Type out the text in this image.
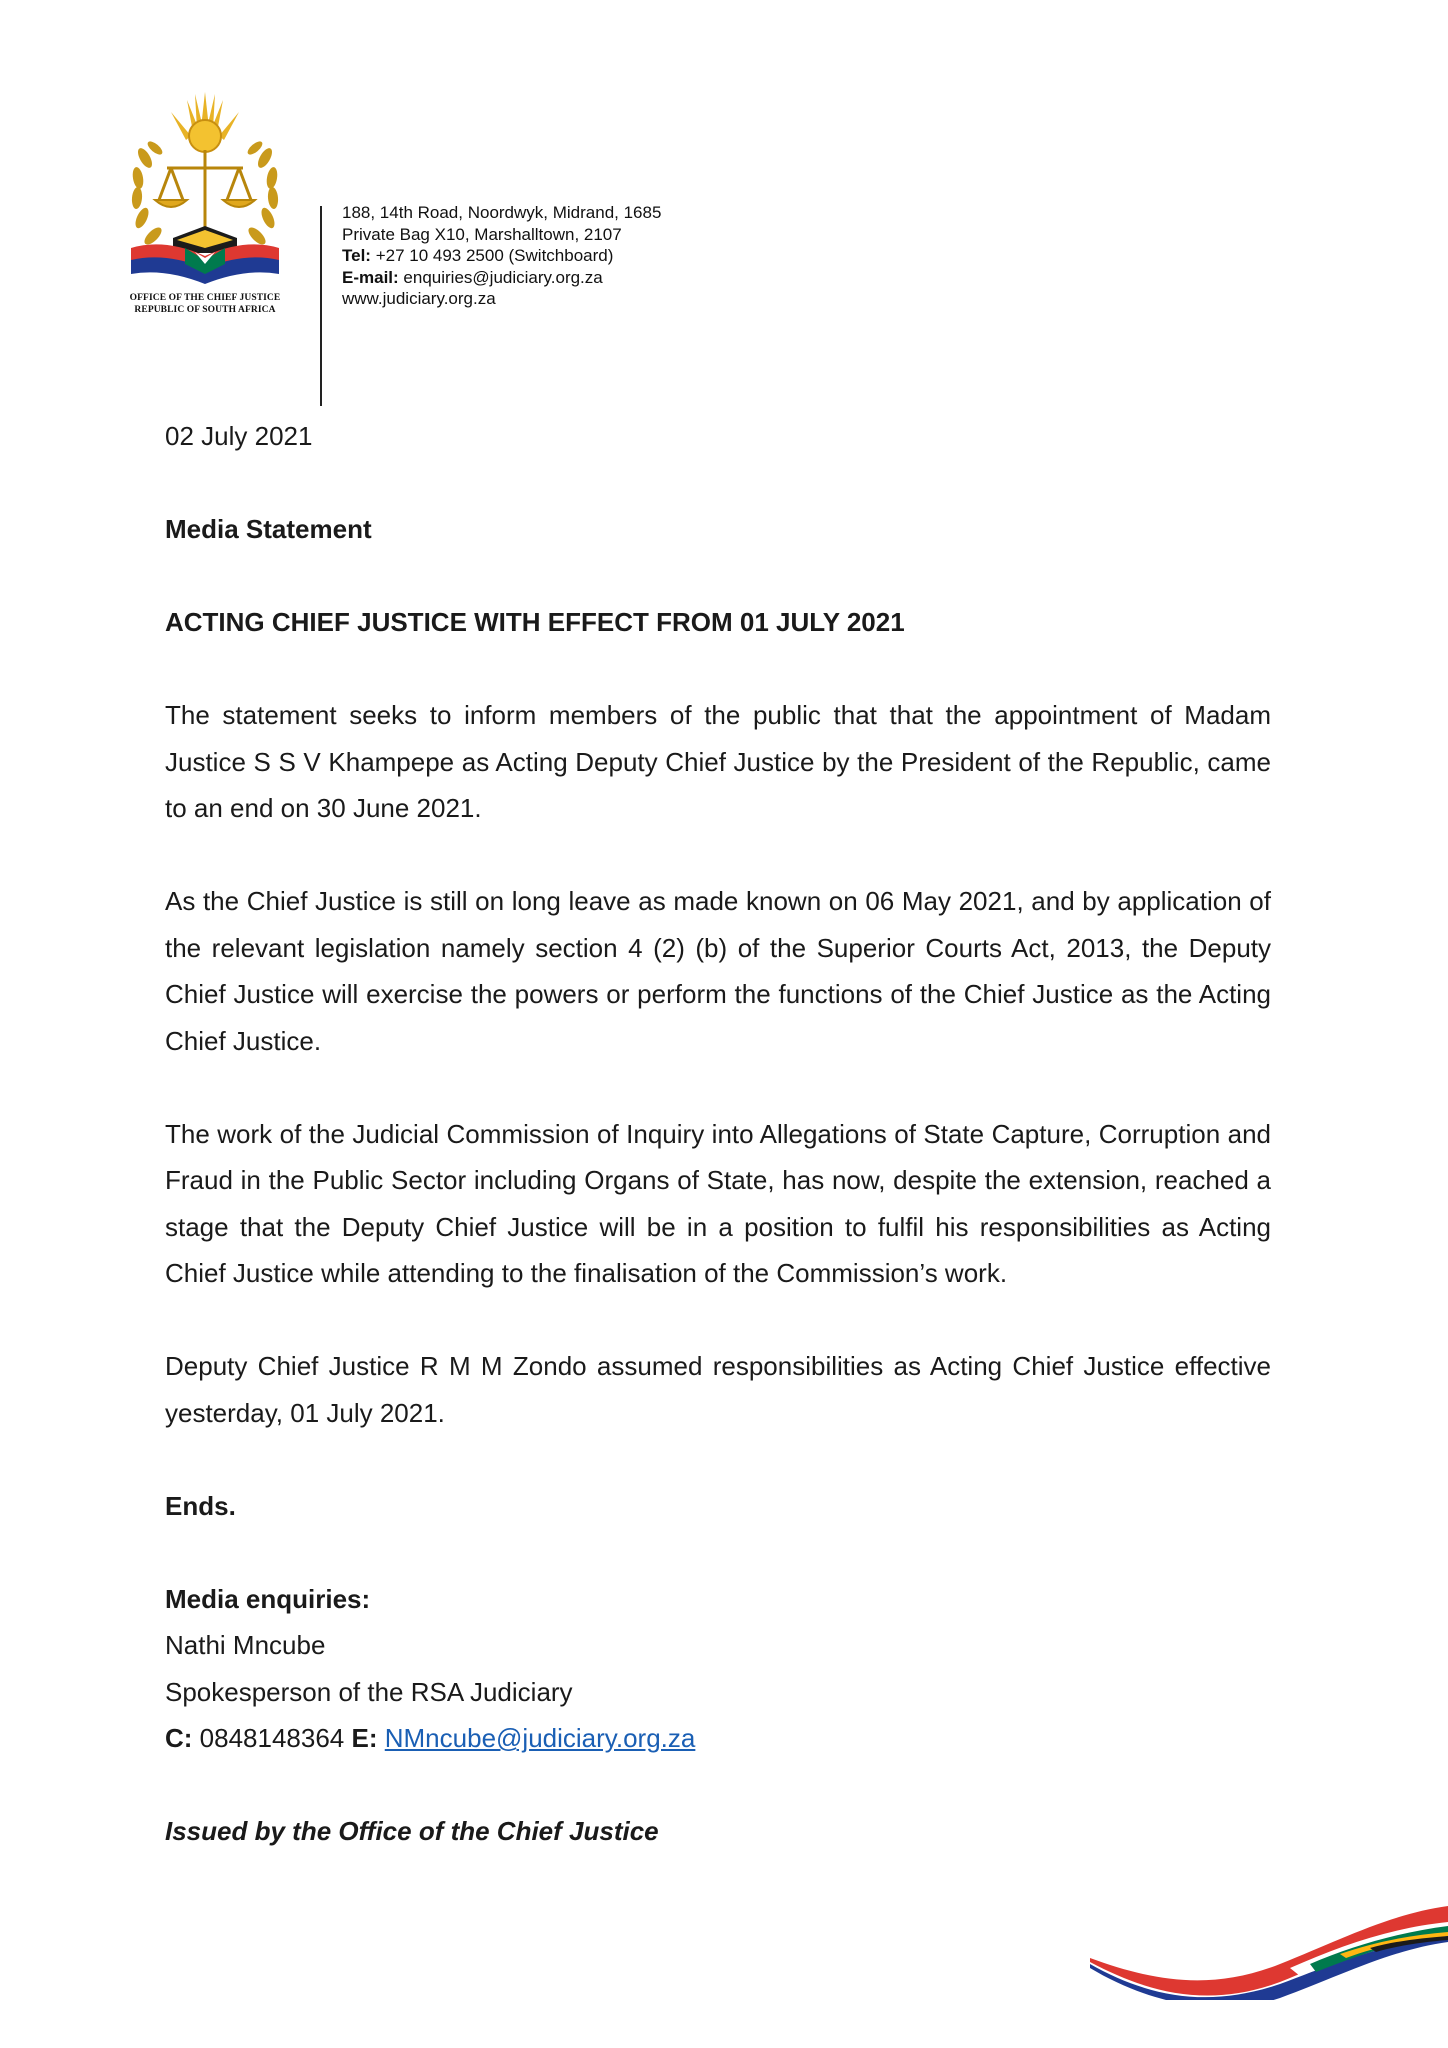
OFFICE OF THE CHIEF JUSTICE
REPUBLIC OF SOUTH AFRICA
188, 14th Road, Noordwyk, Midrand, 1685
Private Bag X10, Marshalltown, 2107
Tel: +27 10 493 2500 (Switchboard)
E-mail: enquiries@judiciary.org.za
www.judiciary.org.za

02 July 2021

Media Statement

ACTING CHIEF JUSTICE WITH EFFECT FROM 01 JULY 2021

The statement seeks to inform members of the public that that the appointment of Madam Justice S S V Khampepe as Acting Deputy Chief Justice by the President of the Republic, came to an end on 30 June 2021.

As the Chief Justice is still on long leave as made known on 06 May 2021, and by application of the relevant legislation namely section 4 (2) (b) of the Superior Courts Act, 2013, the Deputy Chief Justice will exercise the powers or perform the functions of the Chief Justice as the Acting Chief Justice.

The work of the Judicial Commission of Inquiry into Allegations of State Capture, Corruption and Fraud in the Public Sector including Organs of State, has now, despite the extension, reached a stage that the Deputy Chief Justice will be in a position to fulfil his responsibilities as Acting Chief Justice while attending to the finalisation of the Commission’s work.

Deputy Chief Justice R M M Zondo assumed responsibilities as Acting Chief Justice effective yesterday, 01 July 2021.

Ends.

Media enquiries:

Nathi Mncube

Spokesperson of the RSA Judiciary

C: 0848148364 E: NMncube@judiciary.org.za

Issued by the Office of the Chief Justice
